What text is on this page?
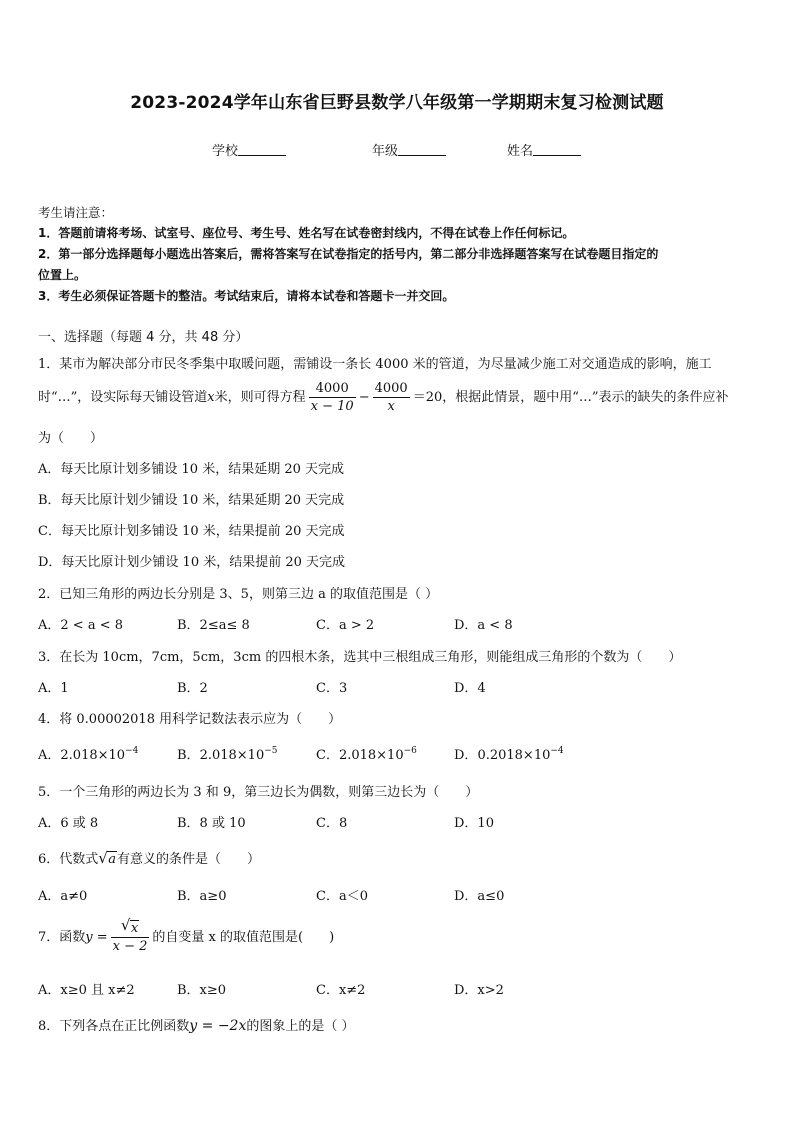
2023-2024学年山东省巨野县数学八年级第一学期期末复习检测试题
学校	年级	姓名
考生请注意：
1．答题前请将考场、试室号、座位号、考生号、姓名写在试卷密封线内，不得在试卷上作任何标记。
2．第一部分选择题每小题选出答案后，需将答案写在试卷指定的括号内，第二部分非选择题答案写在试卷题目指定的
位置上。
3．考生必须保证答题卡的整洁。考试结束后，请将本试卷和答题卡一并交回。
一、选择题（每题 4 分，共 48 分）
1．某市为解决部分市民冬季集中取暖问题，需铺设一条长 4000 米的管道，为尽量减少施工对交通造成的影响，施工
时“…”，设实际每天铺设管道x米，则可得方程 $\frac{4000}{x - 10} - \frac{4000}{x} =20$，根据此情景，题中用“…”表示的缺失的条件应补
为（　　）
A．每天比原计划多铺设 10 米，结果延期 20 天完成
B．每天比原计划少铺设 10 米，结果延期 20 天完成
C．每天比原计划多铺设 10 米，结果提前 20 天完成
D．每天比原计划少铺设 10 米，结果提前 20 天完成
2．已知三角形的两边长分别是 3、5，则第三边 a 的取值范围是（ ）
A．2 < a < 8	B．2≤a≤ 8	C．a > 2	D．a < 8
3．在长为 10cm，7cm，5cm，3cm 的四根木条，选其中三根组成三角形，则能组成三角形的个数为（　　）
A．1	B．2	C．3	D．4
4．将 0.00002018 用科学记数法表示应为（　　）
A．$2.018\times 10^{-4}$	B．$2.018\times 10^{-5}$	C．$2.018\times 10^{-6}$	D．$0.2018\times 10^{-4}$
5．一个三角形的两边长为 3 和 9，第三边长为偶数，则第三边长为（　　）
A．6 或 8	B．8 或 10	C．8	D．10
6．代数式 √ a有意义的条件是（　　）
A．a≠0	B．a≥0	C．a＜0	D．a≤0
7．函数$y = \frac{√ x}{x - 2}$ 的自变量 x 的取值范围是(　　)
A．x≥0 且 x≠2	B．x≥0	C．x≠2	D．x>2
8．下列各点在正比例函数y = −2x的图象上的是（ ）
